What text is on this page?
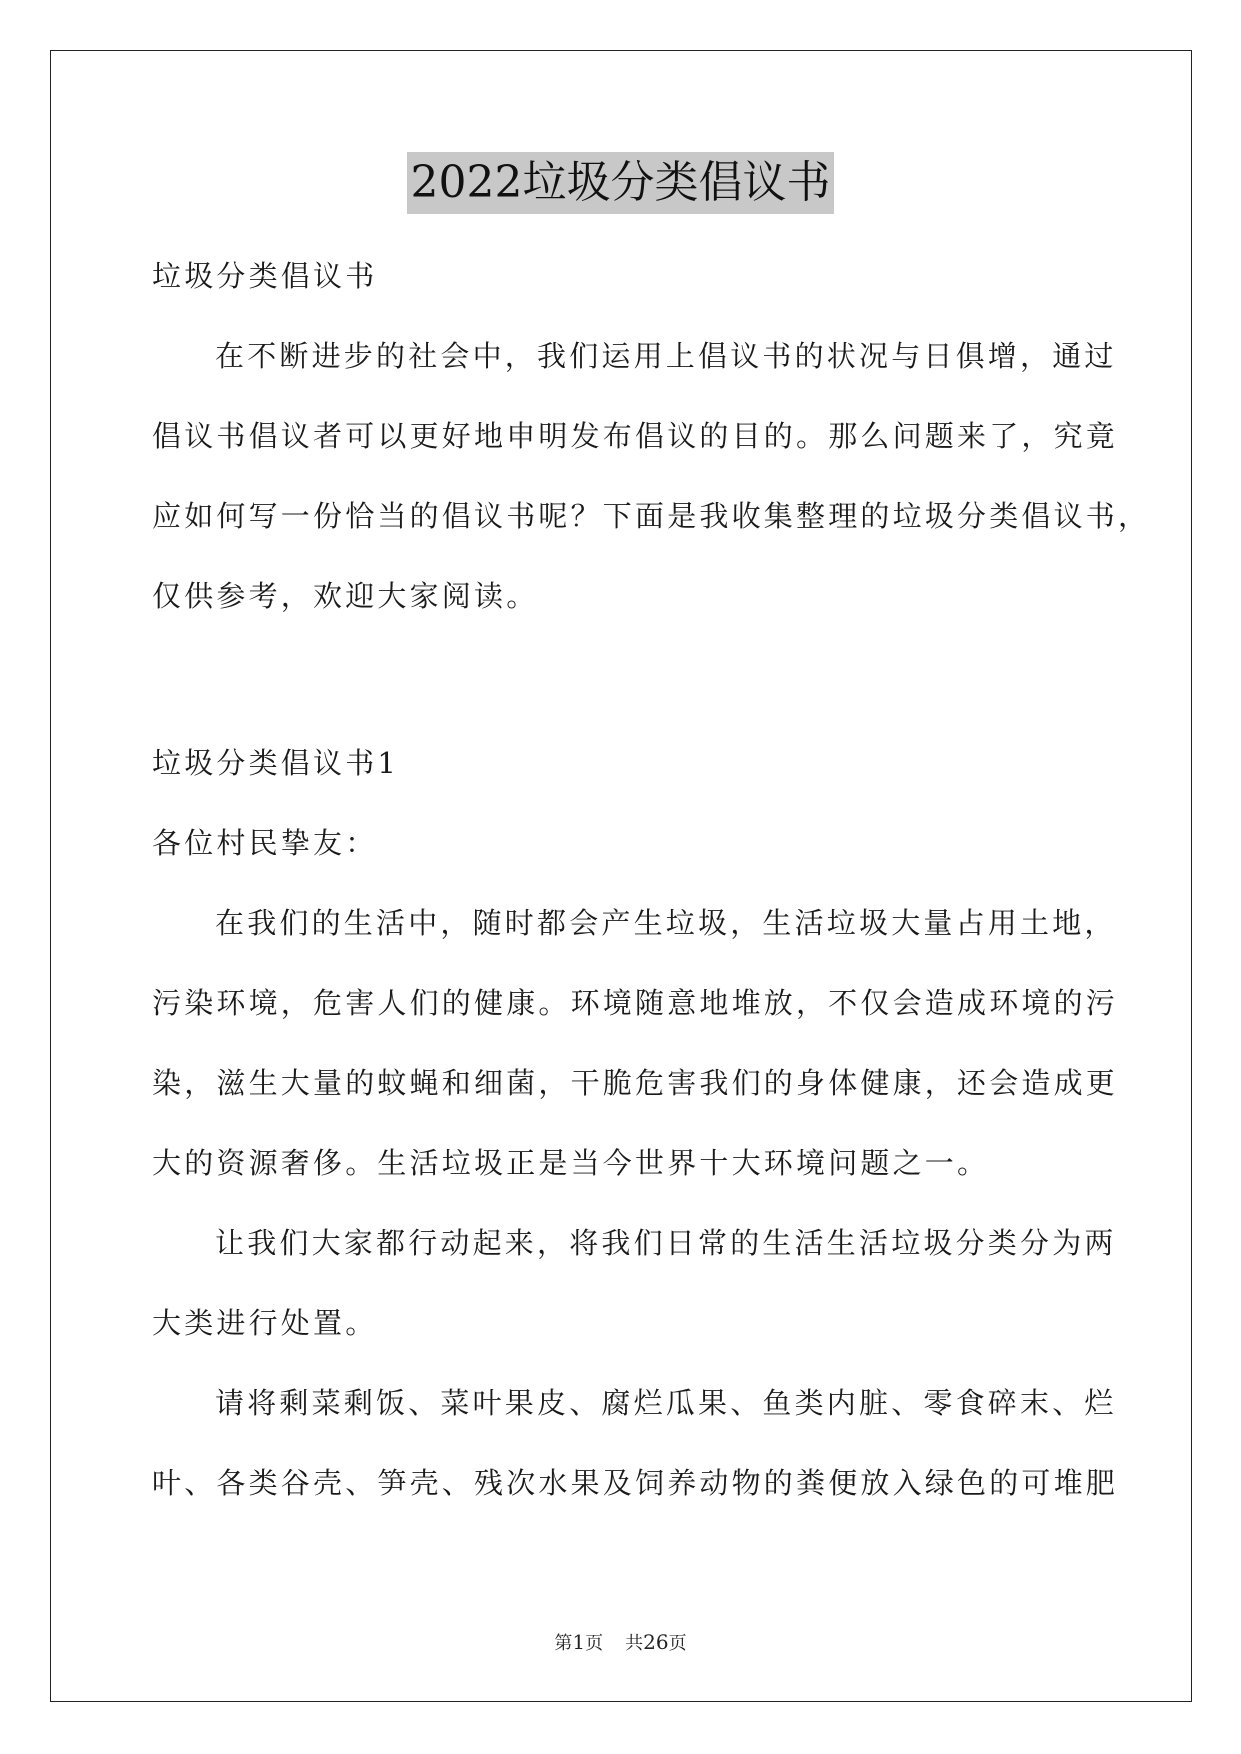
2022垃圾分类倡议书
垃圾分类倡议书
在不断进步的社会中，我们运用上倡议书的状况与日俱增，通过
倡议书倡议者可以更好地申明发布倡议的目的。那么问题来了，究竟
应如何写一份恰当的倡议书呢？下面是我收集整理的垃圾分类倡议书，
仅供参考，欢迎大家阅读。
垃圾分类倡议书1
各位村民挚友：
在我们的生活中，随时都会产生垃圾，生活垃圾大量占用土地，
污染环境，危害人们的健康。环境随意地堆放，不仅会造成环境的污
染，滋生大量的蚊蝇和细菌，干脆危害我们的身体健康，还会造成更
大的资源奢侈。生活垃圾正是当今世界十大环境问题之一。
让我们大家都行动起来，将我们日常的生活生活垃圾分类分为两
大类进行处置。
请将剩菜剩饭、菜叶果皮、腐烂瓜果、鱼类内脏、零食碎末、烂
叶、各类谷壳、笋壳、残次水果及饲养动物的粪便放入绿色的可堆肥
第1页 共26页
